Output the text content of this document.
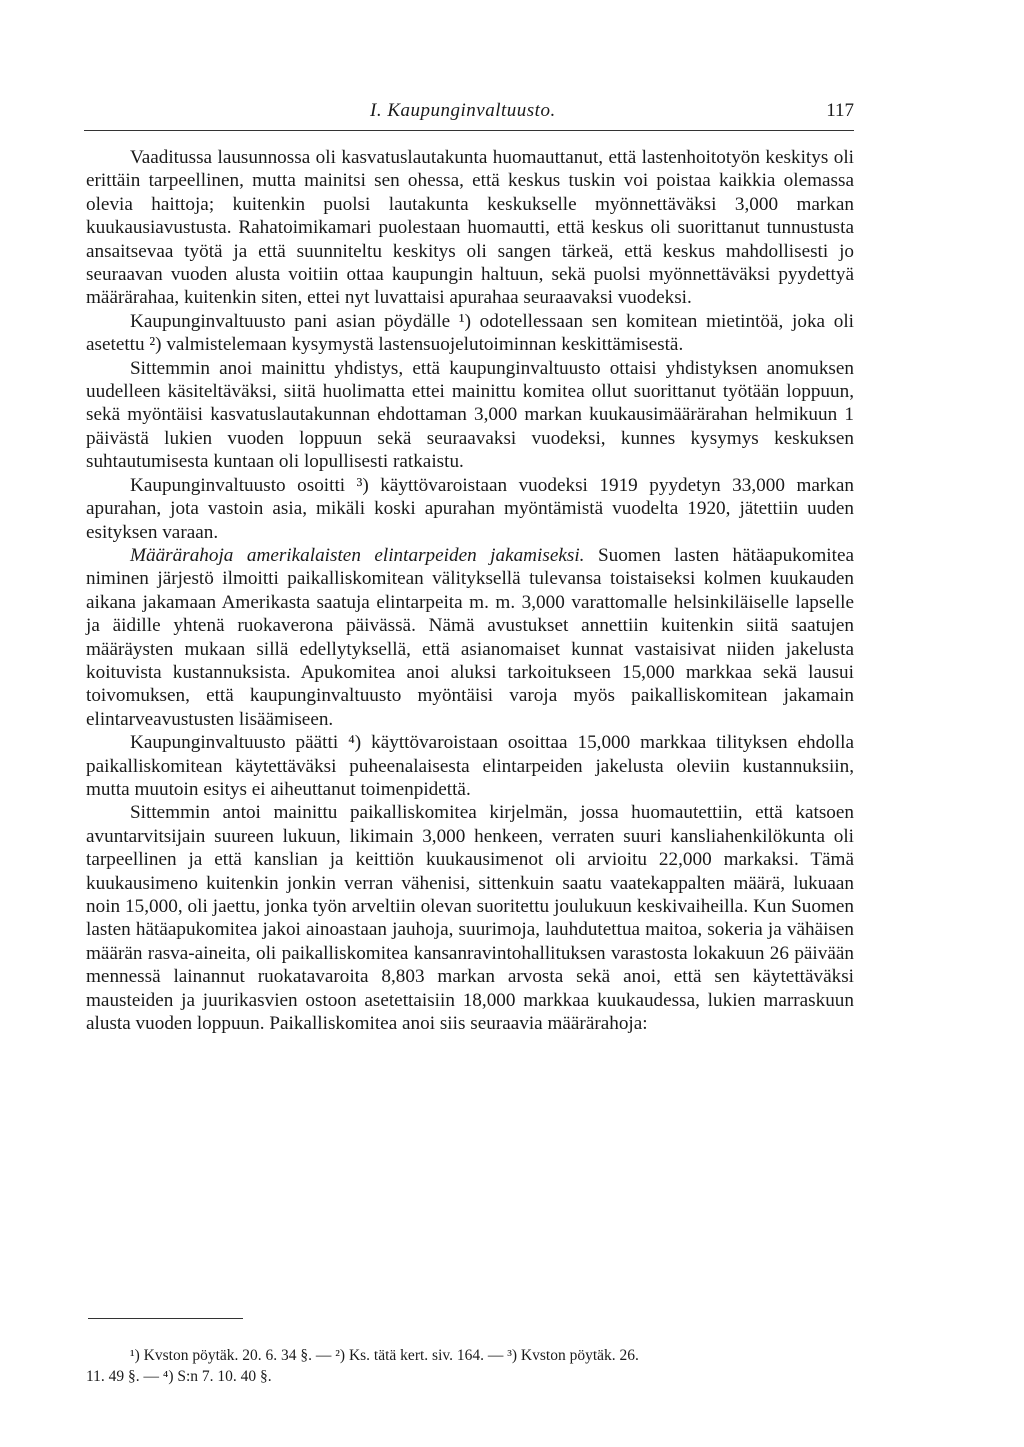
I. Kaupunginvaltuusto.	117

Vaaditussa lausunnossa oli kasvatuslautakunta huomauttanut, että lastenhoitotyön keskitys oli erittäin tarpeellinen, mutta mainitsi sen ohessa, että keskus tuskin voi poistaa kaikkia olemassa olevia haittoja; kuitenkin puolsi lautakunta keskukselle myönnettäväksi 3,000 markan kuukausiavustusta. Rahatoimikamari puolestaan huomautti, että keskus oli suorittanut tunnustusta ansaitsevaa työtä ja että suunniteltu keskitys oli sangen tärkeä, että keskus mahdollisesti jo seuraavan vuoden alusta voitiin ottaa kaupungin haltuun, sekä puolsi myönnettäväksi pyydettyä määrärahaa, kuitenkin siten, ettei nyt luvattaisi apurahaa seuraavaksi vuodeksi.

Kaupunginvaltuusto pani asian pöydälle ¹) odotellessaan sen komitean mietintöä, joka oli asetettu ²) valmistelemaan kysymystä lastensuojelutoiminnan keskittämisestä.

Sittemmin anoi mainittu yhdistys, että kaupunginvaltuusto ottaisi yhdistyksen anomuksen uudelleen käsiteltäväksi, siitä huolimatta ettei mainittu komitea ollut suorittanut työtään loppuun, sekä myöntäisi kasvatuslautakunnan ehdottaman 3,000 markan kuukausimäärärahan helmikuun 1 päivästä lukien vuoden loppuun sekä seuraavaksi vuodeksi, kunnes kysymys keskuksen suhtautumisesta kuntaan oli lopullisesti ratkaistu.

Kaupunginvaltuusto osoitti ³) käyttövaroistaan vuodeksi 1919 pyydetyn 33,000 markan apurahan, jota vastoin asia, mikäli koski apurahan myöntämistä vuodelta 1920, jätettiin uuden esityksen varaan.

Määrärahoja amerikalaisten elintarpeiden jakamiseksi. Suomen lasten hätäapukomitea niminen järjestö ilmoitti paikalliskomitean välityksellä tulevansa toistaiseksi kolmen kuukauden aikana jakamaan Amerikasta saatuja elintarpeita m. m. 3,000 varattomalle helsinkiläiselle lapselle ja äidille yhtenä ruokaverona päivässä. Nämä avustukset annettiin kuitenkin siitä saatujen määräysten mukaan sillä edellytyksellä, että asianomaiset kunnat vastaisivat niiden jakelusta koituvista kustannuksista. Apukomitea anoi aluksi tarkoitukseen 15,000 markkaa sekä lausui toivomuksen, että kaupunginvaltuusto myöntäisi varoja myös paikalliskomitean jakamain elintarveavustusten lisäämiseen.

Kaupunginvaltuusto päätti ⁴) käyttövaroistaan osoittaa 15,000 markkaa tilityksen ehdolla paikalliskomitean käytettäväksi puheenalaisesta elintarpeiden jakelusta oleviin kustannuksiin, mutta muutoin esitys ei aiheuttanut toimenpidettä.

Sittemmin antoi mainittu paikalliskomitea kirjelmän, jossa huomautettiin, että katsoen avuntarvitsijain suureen lukuun, likimain 3,000 henkeen, verraten suuri kansliahenkilökunta oli tarpeellinen ja että kanslian ja keittiön kuukausimenot oli arvioitu 22,000 markaksi. Tämä kuukausimeno kuitenkin jonkin verran vähenisi, sittenkuin saatu vaatekappalten määrä, lukuaan noin 15,000, oli jaettu, jonka työn arveltiin olevan suoritettu joulukuun keskivaiheilla. Kun Suomen lasten hätäapukomitea jakoi ainoastaan jauhoja, suurimoja, lauhdutettua maitoa, sokeria ja vähäisen määrän rasva-aineita, oli paikalliskomitea kansanravintohallituksen varastosta lokakuun 26 päivään mennessä lainannut ruokatavaroita 8,803 markan arvosta sekä anoi, että sen käytettäväksi mausteiden ja juurikasvien ostoon asetettaisiin 18,000 markkaa kuukaudessa, lukien marraskuun alusta vuoden loppuun. Paikalliskomitea anoi siis seuraavia määrärahoja:

¹) Kvston pöytäk. 20. 6. 34 §. — ²) Ks. tätä kert. siv. 164. — ³) Kvston pöytäk. 26.
11. 49 §. — ⁴) S:n 7. 10. 40 §.
